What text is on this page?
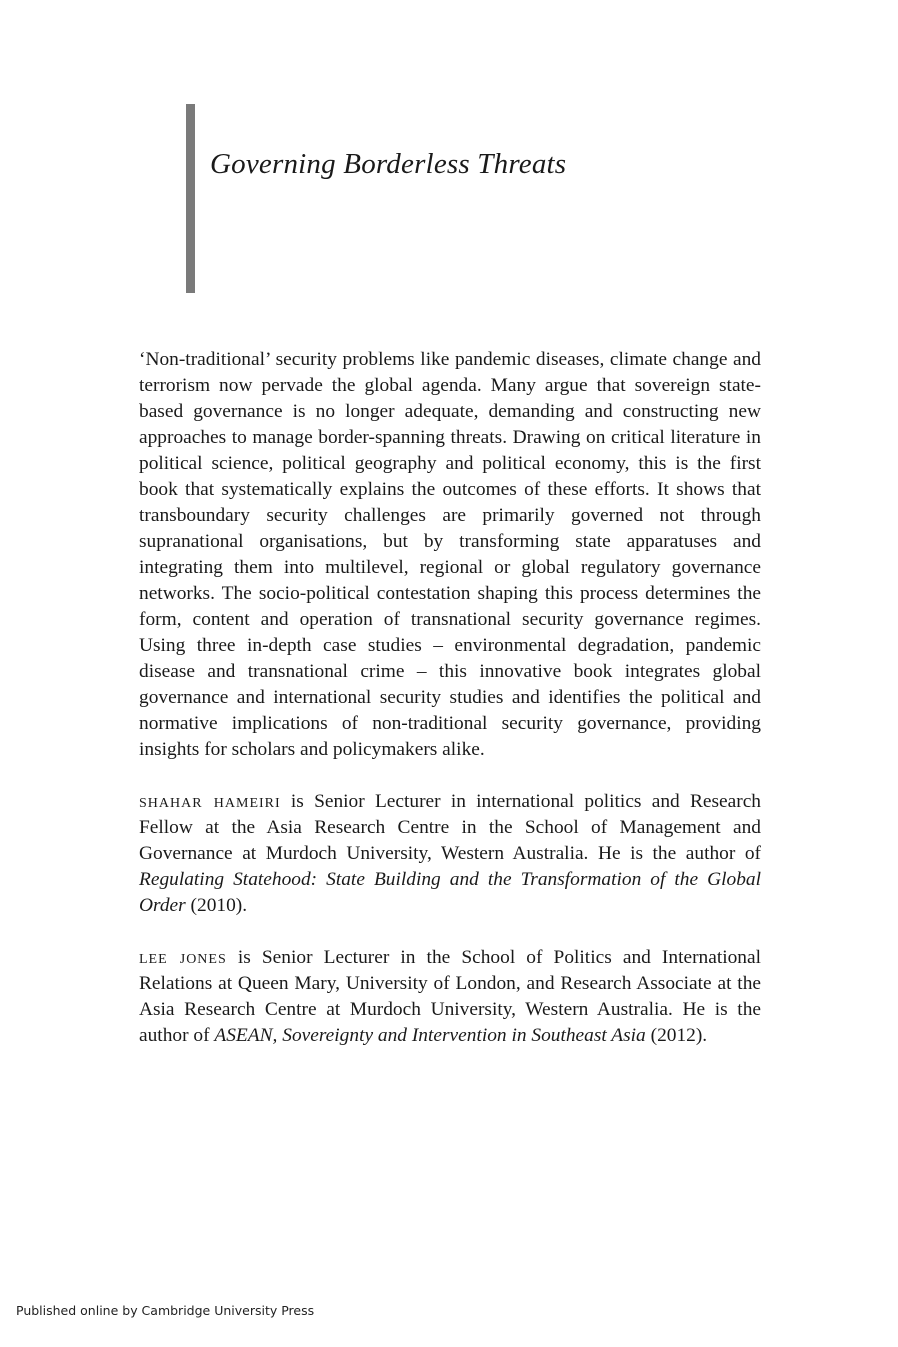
Governing Borderless Threats

‘Non-traditional’ security problems like pandemic diseases, climate change and terrorism now pervade the global agenda. Many argue that sovereign state-based governance is no longer adequate, demanding and constructing new approaches to manage border-spanning threats. Drawing on critical literature in political science, political geography and political economy, this is the first book that systematically explains the outcomes of these efforts. It shows that transboundary security challenges are primarily governed not through supranational organisations, but by transforming state apparatuses and integrating them into multilevel, regional or global regulatory governance networks. The socio-political contestation shaping this process determines the form, content and operation of transnational security governance regimes. Using three in-depth case studies – environmental degradation, pandemic disease and transnational crime – this innovative book integrates global governance and international security studies and identifies the political and normative implications of non-traditional security governance, providing insights for scholars and policymakers alike.

shahar hameiri is Senior Lecturer in international politics and Research Fellow at the Asia Research Centre in the School of Management and Governance at Murdoch University, Western Australia. He is the author of Regulating Statehood: State Building and the Transformation of the Global Order (2010).

lee jones is Senior Lecturer in the School of Politics and International Relations at Queen Mary, University of London, and Research Associate at the Asia Research Centre at Murdoch University, Western Australia. He is the author of ASEAN, Sovereignty and Intervention in Southeast Asia (2012).

Published online by Cambridge University Press
